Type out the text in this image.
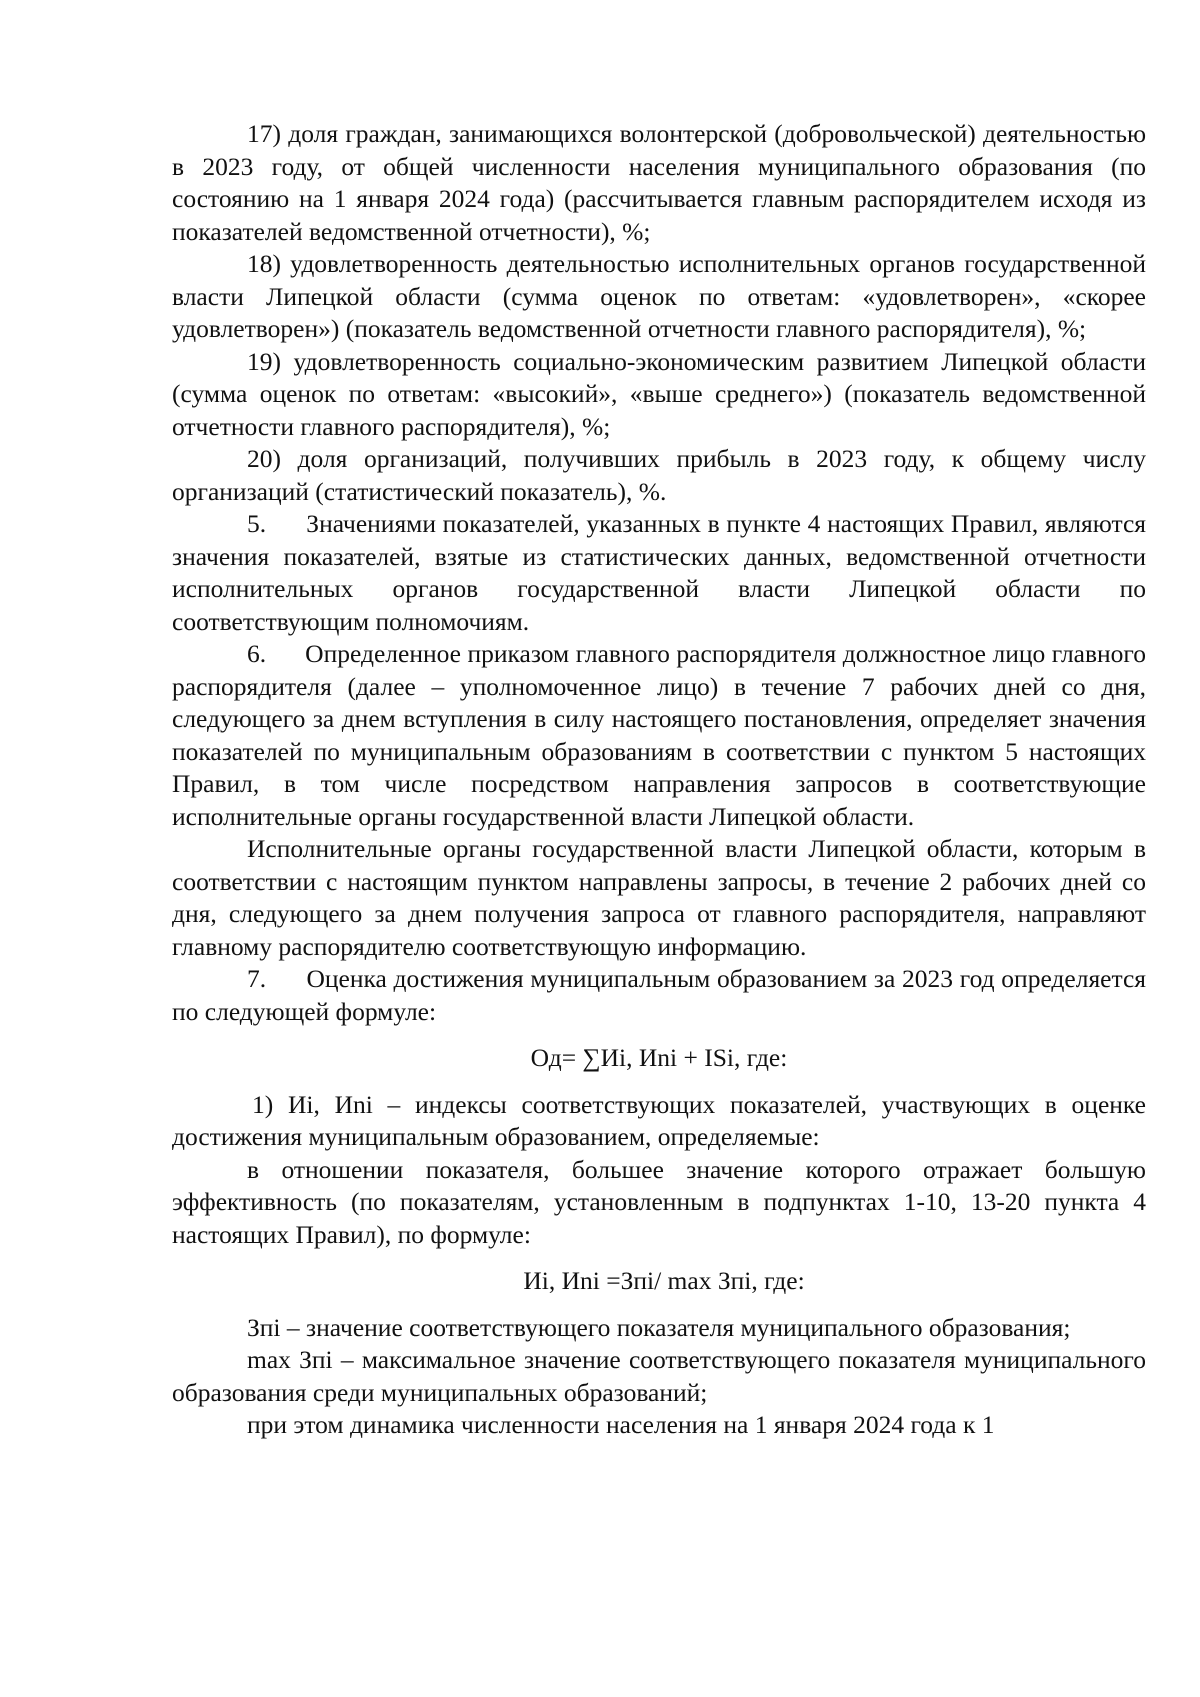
17) доля граждан, занимающихся волонтерской (добровольческой) деятельностью в 2023 году, от общей численности населения муниципального образования (по состоянию на 1 января 2024 года) (рассчитывается главным распорядителем исходя из показателей ведомственной отчетности), %;

18) удовлетворенность деятельностью исполнительных органов государственной власти Липецкой области (сумма оценок по ответам: «удовлетворен», «скорее удовлетворен») (показатель ведомственной отчетности главного распорядителя), %;

19) удовлетворенность социально-экономическим развитием Липецкой области (сумма оценок по ответам: «высокий», «выше среднего») (показатель ведомственной отчетности главного распорядителя), %;

20) доля организаций, получивших прибыль в 2023 году, к общему числу организаций (статистический показатель), %.

5.      Значениями показателей, указанных в пункте 4 настоящих Правил, являются значения показателей, взятые из статистических данных, ведомственной отчетности исполнительных органов государственной власти Липецкой области по соответствующим полномочиям.

6.      Определенное приказом главного распорядителя должностное лицо главного распорядителя (далее – уполномоченное лицо) в течение 7 рабочих дней со дня, следующего за днем вступления в силу настоящего постановления, определяет значения показателей по муниципальным образованиям в соответствии с пунктом 5 настоящих Правил, в том числе посредством направления запросов в соответствующие исполнительные органы государственной власти Липецкой области.

Исполнительные органы государственной власти Липецкой области, которым в соответствии с настоящим пунктом направлены запросы, в течение 2 рабочих дней со дня, следующего за днем получения запроса от главного распорядителя, направляют главному распорядителю соответствующую информацию.

7.      Оценка достижения муниципальным образованием за 2023 год определяется по следующей формуле:

Од= ∑Иi, Иni + ISi, где:

1) Иi, Иni – индексы соответствующих показателей, участвующих в оценке достижения муниципальным образованием, определяемые:

в отношении показателя, большее значение которого отражает большую эффективность (по показателям, установленным в подпунктах 1-10, 13-20 пункта 4 настоящих Правил), по формуле:

Иi, Иni =Зпi/ max Зпi, где:

Зпi – значение соответствующего показателя муниципального образования;

max Зпi – максимальное значение соответствующего показателя муниципального образования среди муниципальных образований;

при этом динамика численности населения на 1 января 2024 года к 1
